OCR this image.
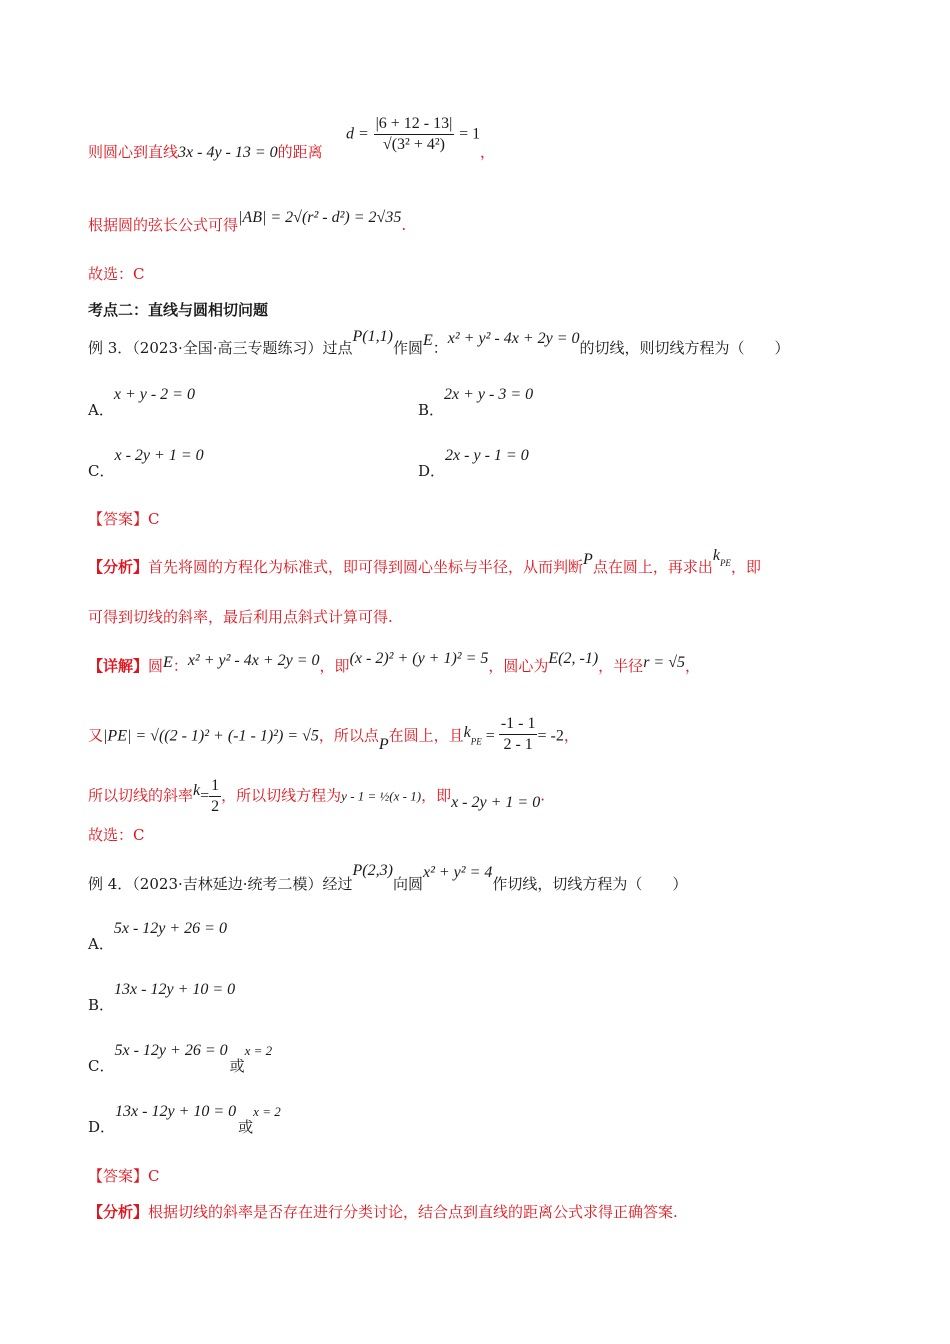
则圆心到直线3x - 4y - 13 = 0的距离
$d = \frac{|6 + 12 - 13|}{\text{√(3² + 4²)}} = 1$
，
根据圆的弦长公式可得|AB| = 2√(r² - d²) = 2√35.
故选：C
考点二：直线与圆相切问题
例 3．（2023·全国·高三专题练习）过点P(1,1)作圆E：x² + y² - 4x + 2y = 0的切线，则切线方程为（　　）
A．x + y - 2 = 0
B．2x + y - 3 = 0
C．x - 2y + 1 = 0
D．2x - y - 1 = 0
【答案】C
【分析】首先将圆的方程化为标准式，即可得到圆心坐标与半径，从而判断P点在圆上，再求出$k_{PE}$，即
可得到切线的斜率，最后利用点斜式计算可得.
【详解】圆E：x² + y² - 4x + 2y = 0，即(x - 2)² + (y + 1)² = 5，圆心为E(2, -1)，半径r = √5，
又|PE| = √((2 - 1)² + (-1 - 1)²) = √5，所以点P在圆上，且$k_{PE} = \frac{-1 - 1}{2 - 1} = -2$，
所以切线的斜率$k= \frac{1}{2}$ ，所以切线方程为y - 1 = ½(x - 1)，即x - 2y + 1 = 0.
故选：C
例 4．（2023·吉林延边·统考二模）经过P(2,3)向圆x² + y² = 4作切线，切线方程为（　　）
A．5x - 12y + 26 = 0
B．13x - 12y + 10 = 0
C．5x - 12y + 26 = 0或x = 2
D．13x - 12y + 10 = 0或x = 2
【答案】C
【分析】根据切线的斜率是否存在进行分类讨论，结合点到直线的距离公式求得正确答案.
